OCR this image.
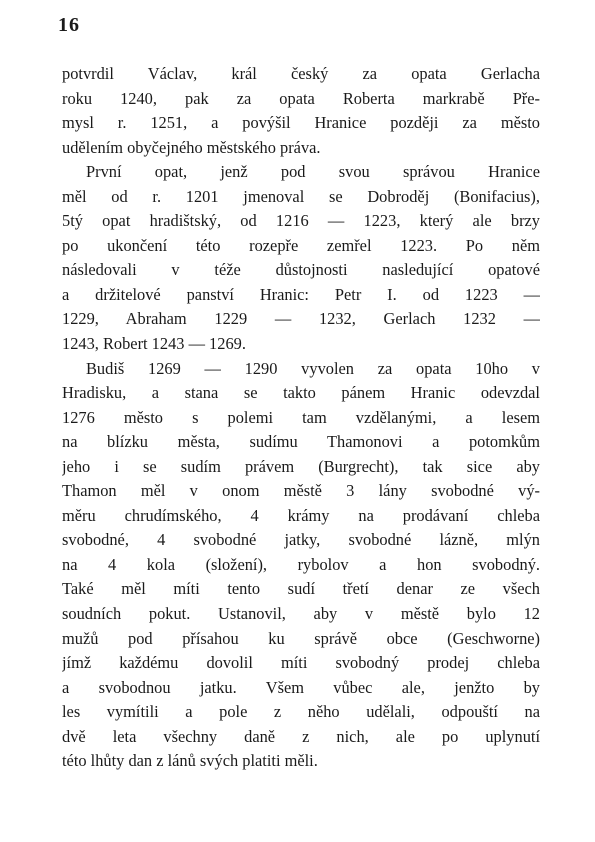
16
potvrdil Václav, král český za opata Gerlacha
roku 1240, pak za opata Roberta markrabě Pře-
mysl r. 1251, a povýšil Hranice později za město
udělením obyčejného městského práva.
První opat, jenž pod svou správou Hranice
měl od r. 1201 jmenoval se Dobroděj (Bonifacius),
5tý opat hradištský, od 1216 — 1223, který ale brzy
po ukončení této rozepře zemřel 1223. Po něm
následovali v téže důstojnosti nasledující opatové
a držitelové panství Hranic: Petr I. od 1223 —
1229, Abraham 1229 — 1232, Gerlach 1232 —
1243, Robert 1243 — 1269.
Budiš 1269 — 1290 vyvolen za opata 10ho v
Hradisku, a stana se takto pánem Hranic odevzdal
1276 město s polemi tam vzdělanými, a lesem
na blízku města, sudímu Thamonovi a potomkům
jeho i se sudím právem (Burgrecht), tak sice aby
Thamon měl v onom městě 3 lány svobodné vý-
měru chrudímského, 4 krámy na prodávaní chleba
svobodné, 4 svobodné jatky, svobodné lázně, mlýn
na 4 kola (složení), rybolov a hon svobodný.
Také měl míti tento sudí třetí denar ze všech
soudních pokut. Ustanovil, aby v městě bylo 12
mužů pod přísahou ku správě obce (Geschworne)
jímž každému dovolil míti svobodný prodej chleba
a svobodnou jatku. Všem vůbec ale, jenžto by
les vymítili a pole z něho udělali, odpouští na
dvě leta všechny daně z nich, ale po uplynutí
této lhůty dan z lánů svých platiti měli.
